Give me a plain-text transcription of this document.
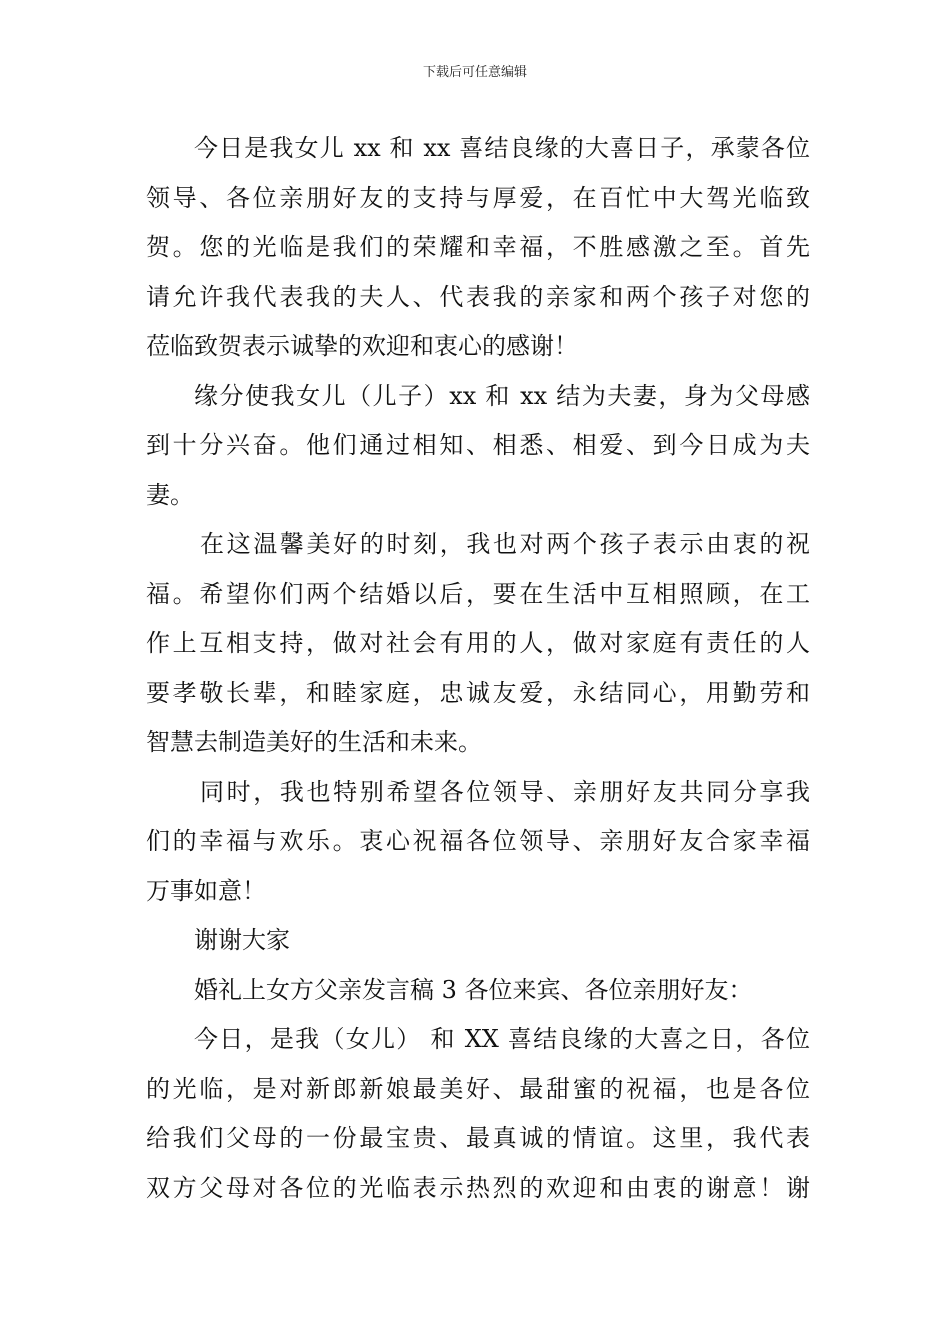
下载后可任意编辑
今日是我女儿 xx 和 xx 喜结良缘的大喜日子，承蒙各位
领导、各位亲朋好友的支持与厚爱，在百忙中大驾光临致
贺。您的光临是我们的荣耀和幸福，不胜感激之至。首先
请允许我代表我的夫人、代表我的亲家和两个孩子对您的
莅临致贺表示诚挚的欢迎和衷心的感谢！
缘分使我女儿（儿子）xx 和 xx 结为夫妻，身为父母感
到十分兴奋。他们通过相知、相悉、相爱、到今日成为夫
妻。
在这温馨美好的时刻，我也对两个孩子表示由衷的祝
福。希望你们两个结婚以后，要在生活中互相照顾，在工
作上互相支持，做对社会有用的人，做对家庭有责任的人
要孝敬长辈，和睦家庭，忠诚友爱，永结同心，用勤劳和
智慧去制造美好的生活和未来。
同时，我也特别希望各位领导、亲朋好友共同分享我
们的幸福与欢乐。衷心祝福各位领导、亲朋好友合家幸福
万事如意！
谢谢大家
婚礼上女方父亲发言稿 3 各位来宾、各位亲朋好友：
今日，是我（女儿） 和 XX 喜结良缘的大喜之日，各位
的光临，是对新郎新娘最美好、最甜蜜的祝福，也是各位
给我们父母的一份最宝贵、最真诚的情谊。这里，我代表
双方父母对各位的光临表示热烈的欢迎和由衷的谢意！谢
